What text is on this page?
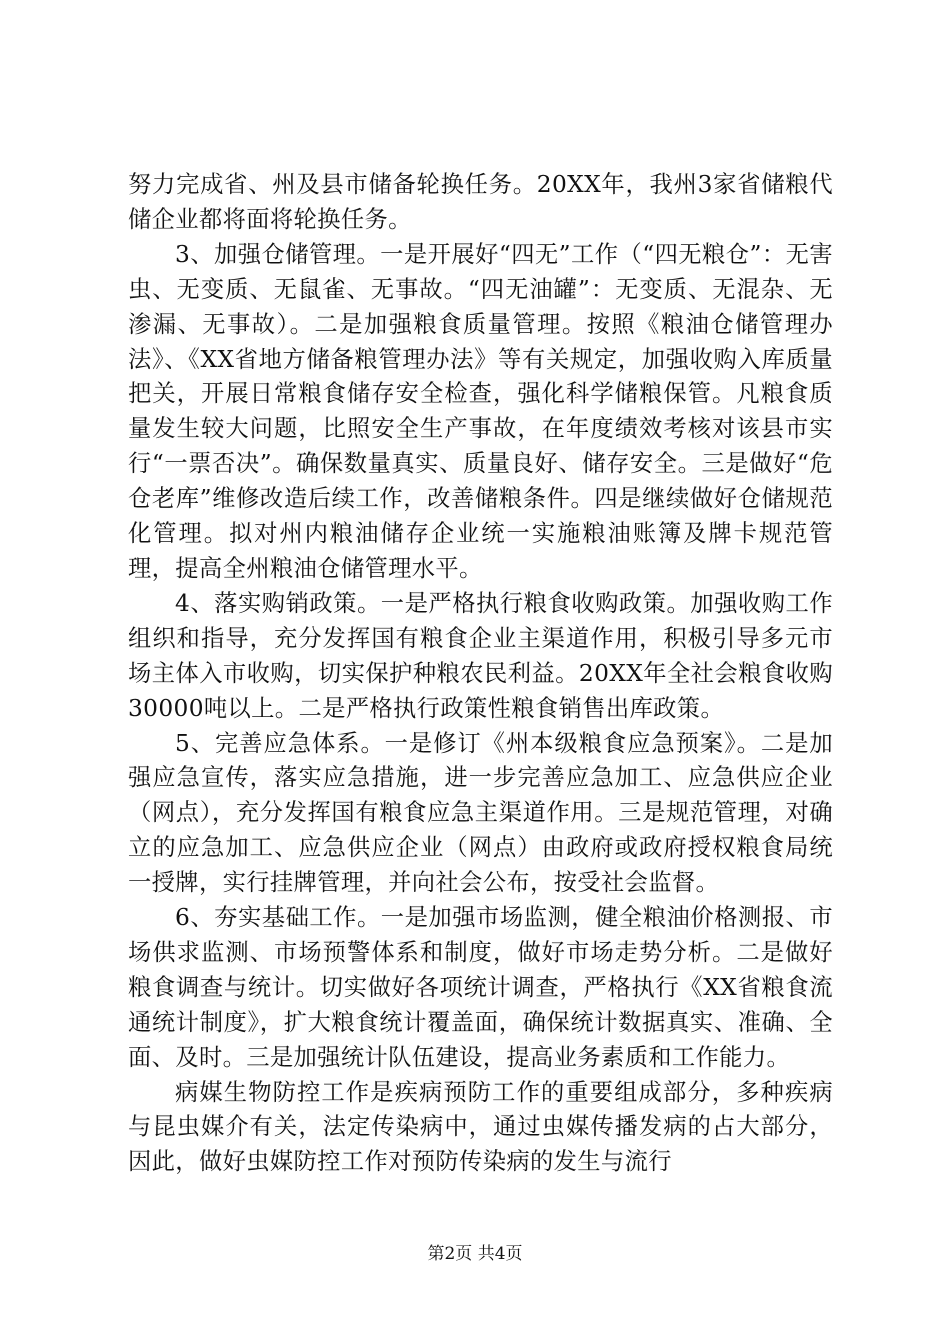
努力完成省、州及县市储备轮换任务。20XX年，我州3家省储粮代储企业都将面将轮换任务。

3、加强仓储管理。一是开展好“四无”工作（“四无粮仓”：无害虫、无变质、无鼠雀、无事故。“四无油罐”：无变质、无混杂、无渗漏、无事故）。二是加强粮食质量管理。按照《粮油仓储管理办法》、《XX省地方储备粮管理办法》等有关规定，加强收购入库质量把关，开展日常粮食储存安全检查，强化科学储粮保管。凡粮食质量发生较大问题，比照安全生产事故，在年度绩效考核对该县市实行“一票否决”。确保数量真实、质量良好、储存安全。三是做好“危仓老库”维修改造后续工作，改善储粮条件。四是继续做好仓储规范化管理。拟对州内粮油储存企业统一实施粮油账簿及牌卡规范管理，提高全州粮油仓储管理水平。

4、落实购销政策。一是严格执行粮食收购政策。加强收购工作组织和指导，充分发挥国有粮食企业主渠道作用，积极引导多元市场主体入市收购，切实保护种粮农民利益。20XX年全社会粮食收购30000吨以上。二是严格执行政策性粮食销售出库政策。

5、完善应急体系。一是修订《州本级粮食应急预案》。二是加强应急宣传，落实应急措施，进一步完善应急加工、应急供应企业（网点），充分发挥国有粮食应急主渠道作用。三是规范管理，对确立的应急加工、应急供应企业（网点）由政府或政府授权粮食局统一授牌，实行挂牌管理，并向社会公布，按受社会监督。

6、夯实基础工作。一是加强市场监测，健全粮油价格测报、市场供求监测、市场预警体系和制度，做好市场走势分析。二是做好粮食调查与统计。切实做好各项统计调查，严格执行《XX省粮食流通统计制度》，扩大粮食统计覆盖面，确保统计数据真实、准确、全面、及时。三是加强统计队伍建设，提高业务素质和工作能力。

病媒生物防控工作是疾病预防工作的重要组成部分，多种疾病与昆虫媒介有关，法定传染病中，通过虫媒传播发病的占大部分，因此，做好虫媒防控工作对预防传染病的发生与流行

第2页 共4页
